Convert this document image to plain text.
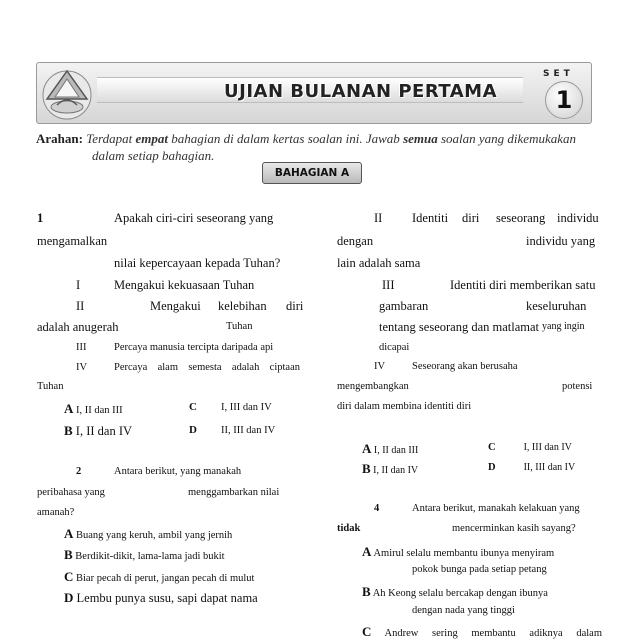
UJIAN BULANAN PERTAMA
SET
1
Arahan: Terdapat empat bahagian di dalam kertas soalan ini. Jawab semua soalan yang dikemukakan
dalam setiap bahagian.
BAHAGIAN A
1	Apakah ciri-ciri seseorang yang
mengamalkan
nilai kepercayaan kepada Tuhan?
I	Mengakui kekuasaan Tuhan
II	Mengakui kelebihan diri
adalah anugerah	Tuhan
III	Percaya manusia tercipta daripada api
IV	Percaya alam semesta adalah ciptaan
Tuhan
A I, II dan III	C I, III dan IV
B I, II dan IV	D II, III dan IV
2	Antara berikut, yang manakah
peribahasa yang	menggambarkan nilai
amanah?
A Buang yang keruh, ambil yang jernih
B Berdikit-dikit, lama-lama jadi bukit
C Biar pecah di perut, jangan pecah di mulut
D Lembu punya susu, sapi dapat nama
II Identiti diri seseorang individu
dengan	individu yang
lain adalah sama
III	Identiti diri memberikan satu
gambaran	keseluruhan
tentang seseorang dan matlamat yang ingin
dicapai
IV	Seseorang akan berusaha
mengembangkan	potensi
diri dalam membina identiti diri
A I, II dan III	C	I, III dan IV
B I, II dan IV	D	II, III dan IV
4	Antara berikut, manakah kelakuan yang
tidak	mencerminkan kasih sayang?
A Amirul selalu membantu ibunya menyiram
pokok bunga pada setiap petang
B Ah Keong selalu bercakap dengan ibunya
dengan nada yang tinggi
C Andrew sering membantu adiknya dalam
